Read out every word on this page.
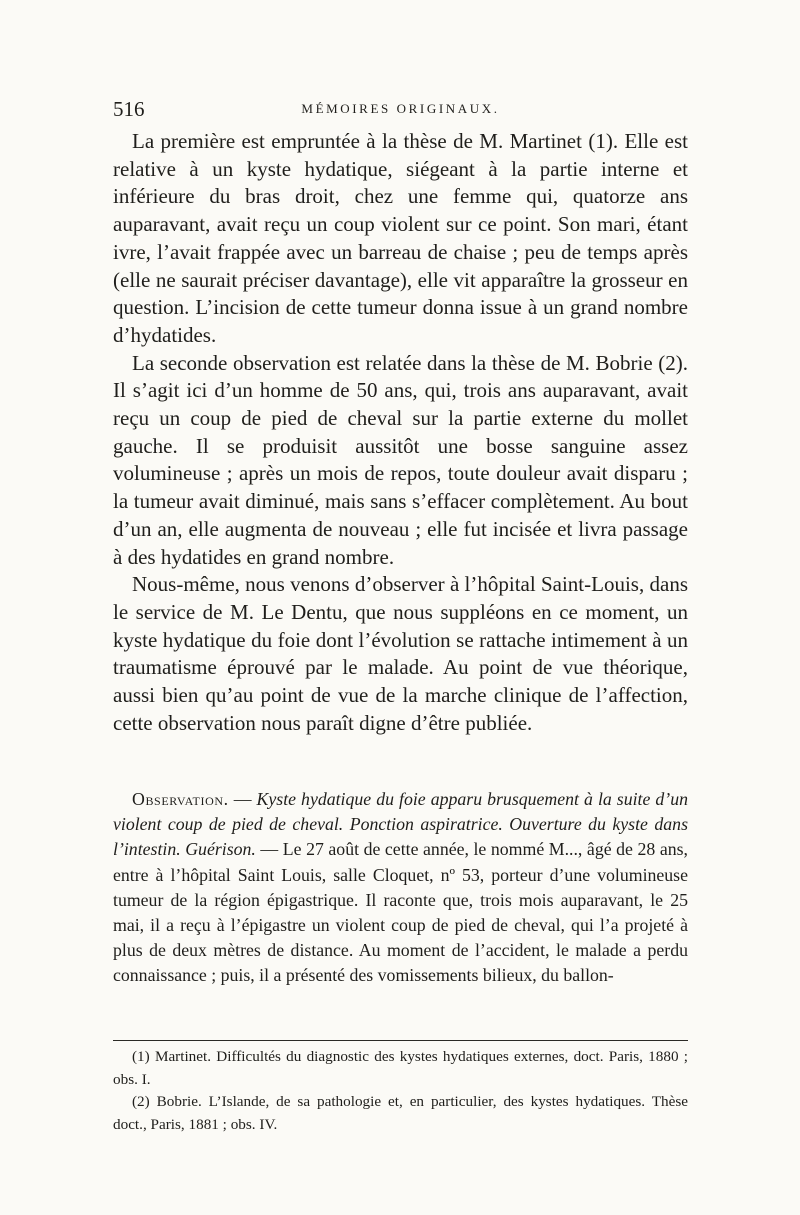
516	MÉMOIRES ORIGINAUX.

La première est empruntée à la thèse de M. Martinet (1). Elle est relative à un kyste hydatique, siégeant à la partie interne et inférieure du bras droit, chez une femme qui, quatorze ans auparavant, avait reçu un coup violent sur ce point. Son mari, étant ivre, l’avait frappée avec un barreau de chaise ; peu de temps après (elle ne saurait préciser davantage), elle vit apparaître la grosseur en question. L’incision de cette tumeur donna issue à un grand nombre d’hydatides.

La seconde observation est relatée dans la thèse de M. Bobrie (2). Il s’agit ici d’un homme de 50 ans, qui, trois ans auparavant, avait reçu un coup de pied de cheval sur la partie externe du mollet gauche. Il se produisit aussitôt une bosse sanguine assez volumineuse ; après un mois de repos, toute douleur avait disparu ; la tumeur avait diminué, mais sans s’effacer complètement. Au bout d’un an, elle augmenta de nouveau ; elle fut incisée et livra passage à des hydatides en grand nombre.

Nous-même, nous venons d’observer à l’hôpital Saint-Louis, dans le service de M. Le Dentu, que nous suppléons en ce moment, un kyste hydatique du foie dont l’évolution se rattache intimement à un traumatisme éprouvé par le malade. Au point de vue théorique, aussi bien qu’au point de vue de la marche clinique de l’affection, cette observation nous paraît digne d’être publiée.

Observation. — Kyste hydatique du foie apparu brusquement à la suite d’un violent coup de pied de cheval. Ponction aspiratrice. Ouverture du kyste dans l’intestin. Guérison. — Le 27 août de cette année, le nommé M..., âgé de 28 ans, entre à l’hôpital Saint Louis, salle Cloquet, nº 53, porteur d’une volumineuse tumeur de la région épigastrique. Il raconte que, trois mois auparavant, le 25 mai, il a reçu à l’épigastre un violent coup de pied de cheval, qui l’a projeté à plus de deux mètres de distance. Au moment de l’accident, le malade a perdu connaissance ; puis, il a présenté des vomissements bilieux, du ballon-

(1) Martinet. Difficultés du diagnostic des kystes hydatiques externes, doct. Paris, 1880 ; obs. I.

(2) Bobrie. L’Islande, de sa pathologie et, en particulier, des kystes hydatiques. Thèse doct., Paris, 1881 ; obs. IV.
